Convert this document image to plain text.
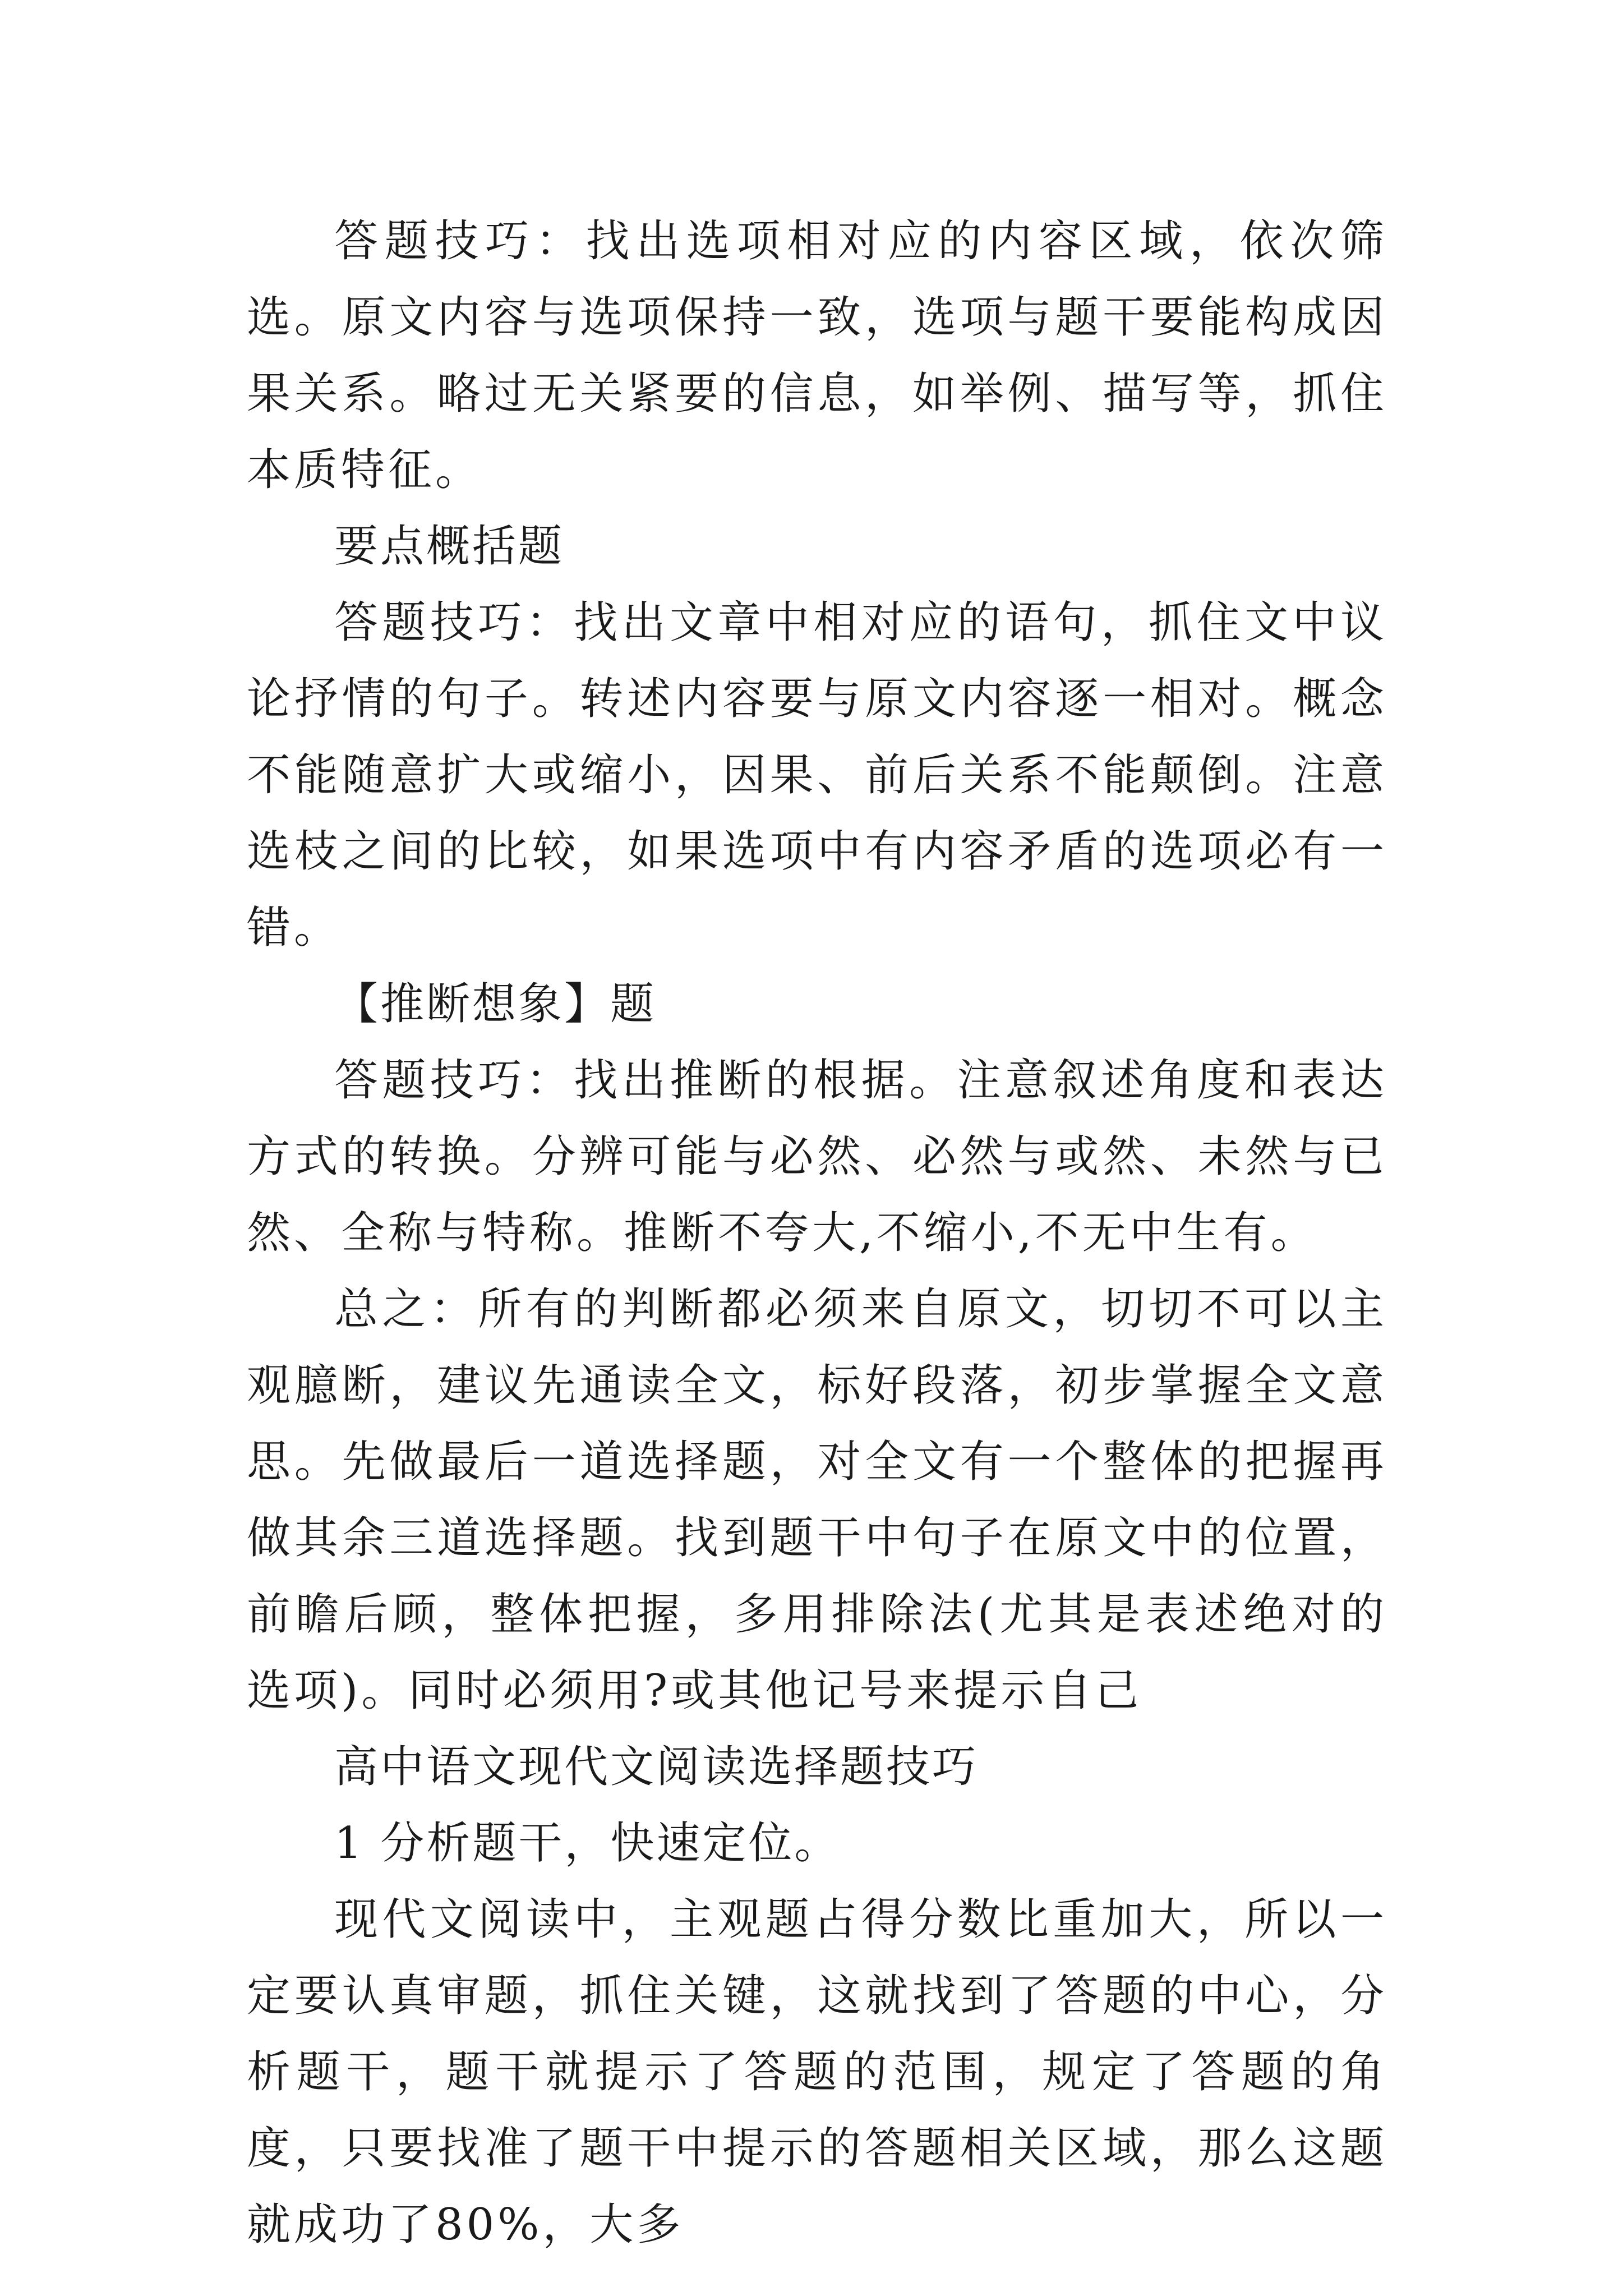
答题技巧：找出选项相对应的内容区域，依次筛选。原文内容与选项保持一致，选项与题干要能构成因果关系。略过无关紧要的信息，如举例、描写等，抓住本质特征。

要点概括题

答题技巧：找出文章中相对应的语句，抓住文中议论抒情的句子。转述内容要与原文内容逐一相对。概念不能随意扩大或缩小，因果、前后关系不能颠倒。注意选枝之间的比较，如果选项中有内容矛盾的选项必有一错。

【推断想象】题

答题技巧：找出推断的根据。注意叙述角度和表达方式的转换。分辨可能与必然、必然与或然、未然与已然、全称与特称。推断不夸大,不缩小,不无中生有。

总之：所有的判断都必须来自原文，切切不可以主观臆断，建议先通读全文，标好段落，初步掌握全文意思。先做最后一道选择题，对全文有一个整体的把握再做其余三道选择题。找到题干中句子在原文中的位置，前瞻后顾，整体把握，多用排除法(尤其是表述绝对的选项)。同时必须用?或其他记号来提示自己

高中语文现代文阅读选择题技巧

1 分析题干，快速定位。

现代文阅读中，主观题占得分数比重加大，所以一定要认真审题，抓住关键，这就找到了答题的中心，分析题干，题干就提示了答题的范围，规定了答题的角度，只要找准了题干中提示的答题相关区域，那么这题就成功了80%，大多
